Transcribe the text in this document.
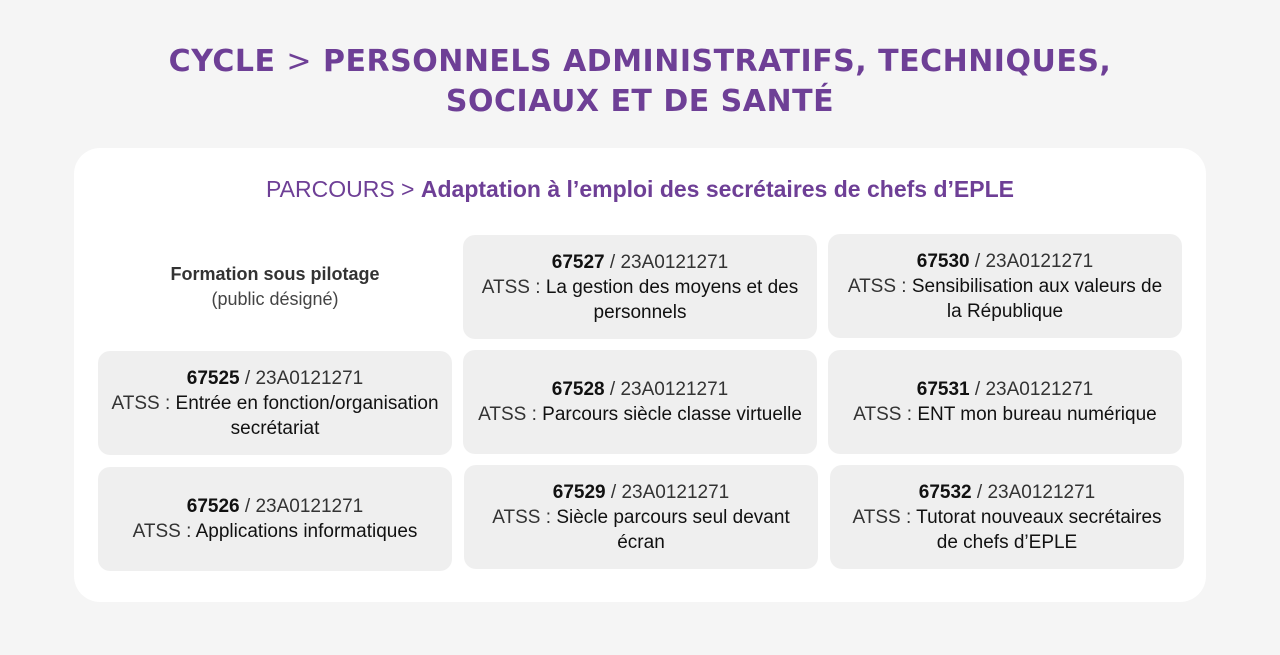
CYCLE > PERSONNELS ADMINISTRATIFS, TECHNIQUES,
SOCIAUX ET DE SANTÉ
PARCOURS > Adaptation à l’emploi des secrétaires de chefs d’EPLE
Formation sous pilotage
(public désigné)
67525 / 23A0121271
ATSS : Entrée en fonction/organisation secrétariat
67526 / 23A0121271
ATSS : Applications informatiques
67527 / 23A0121271
ATSS : La gestion des moyens et des personnels
67528 / 23A0121271
ATSS : Parcours siècle classe virtuelle
67529 / 23A0121271
ATSS : Siècle parcours seul devant écran
67530 / 23A0121271
ATSS : Sensibilisation aux valeurs de la République
67531 / 23A0121271
ATSS : ENT mon bureau numérique
67532 / 23A0121271
ATSS : Tutorat nouveaux secrétaires de chefs d’EPLE
